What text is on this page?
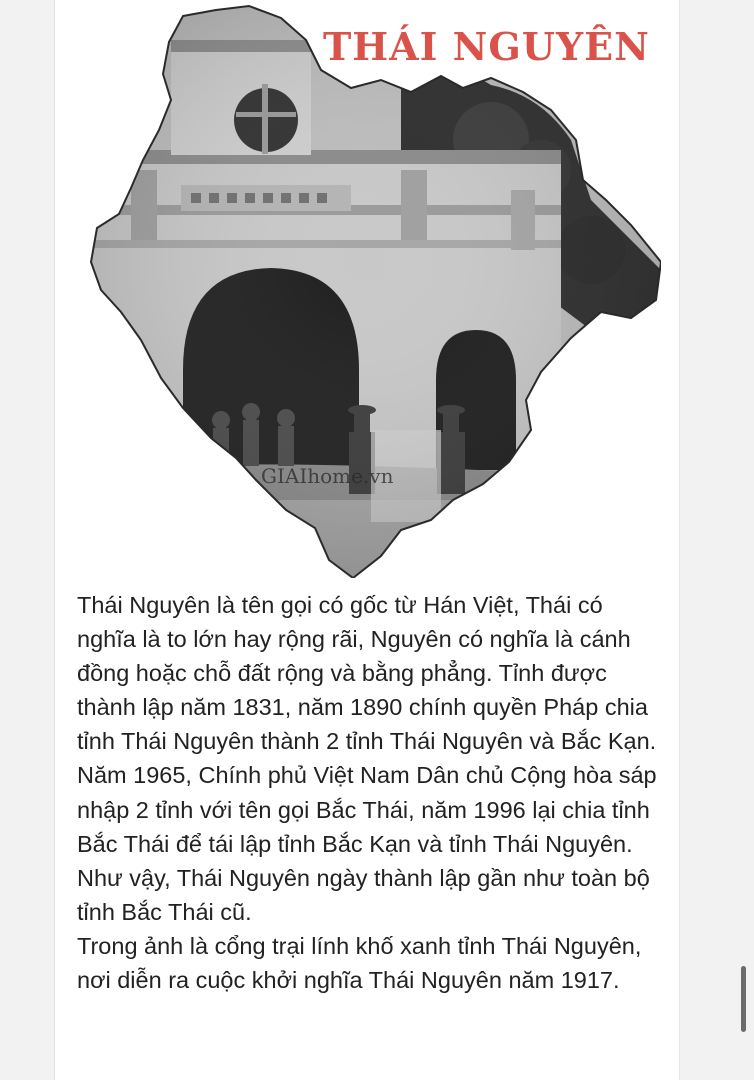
GIAIhome.vn
THÁI NGUYÊN

Thái Nguyên là tên gọi có gốc từ Hán Việt, Thái có nghĩa là to lớn hay rộng rãi, Nguyên có nghĩa là cánh đồng hoặc chỗ đất rộng và bằng phẳng. Tỉnh được thành lập năm 1831, năm 1890 chính quyền Pháp chia tỉnh Thái Nguyên thành 2 tỉnh Thái Nguyên và Bắc Kạn. Năm 1965, Chính phủ Việt Nam Dân chủ Cộng hòa sáp nhập 2 tỉnh với tên gọi Bắc Thái, năm 1996 lại chia tỉnh Bắc Thái để tái lập tỉnh Bắc Kạn và tỉnh Thái Nguyên. Như vậy, Thái Nguyên ngày thành lập gần như toàn bộ tỉnh Bắc Thái cũ.

Trong ảnh là cổng trại lính khố xanh tỉnh Thái Nguyên, nơi diễn ra cuộc khởi nghĩa Thái Nguyên năm 1917.
